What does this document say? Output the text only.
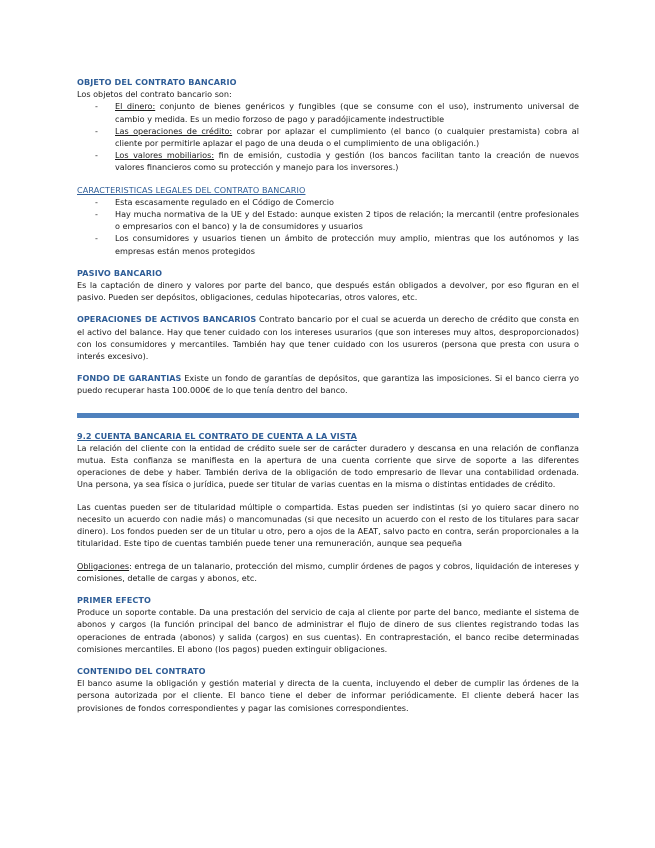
OBJETO DEL CONTRATO BANCARIO

Los objetos del contrato bancario son:

- El dinero: conjunto de bienes genéricos y fungibles (que se consume con el uso), instrumento universal de cambio y medida. Es un medio forzoso de pago y paradójicamente indestructible
- Las operaciones de crédito: cobrar por aplazar el cumplimiento (el banco (o cualquier prestamista) cobra al cliente por permitirle aplazar el pago de una deuda o el cumplimiento de una obligación.)
- Los valores mobiliarios: fin de emisión, custodia y gestión (los bancos facilitan tanto la creación de nuevos valores financieros como su protección y manejo para los inversores.)
CARACTERISTICAS LEGALES DEL CONTRATO BANCARIO
- Esta escasamente regulado en el Código de Comercio
- Hay mucha normativa de la UE y del Estado: aunque existen 2 tipos de relación; la mercantil (entre profesionales o empresarios con el banco) y la de consumidores y usuarios
- Los consumidores y usuarios tienen un ámbito de protección muy amplio, mientras que los autónomos y las empresas están menos protegidos
PASIVO BANCARIO

Es la captación de dinero y valores por parte del banco, que después están obligados a devolver, por eso figuran en el pasivo. Pueden ser depósitos, obligaciones, cedulas hipotecarias, otros valores, etc.

OPERACIONES DE ACTIVOS BANCARIOS Contrato bancario por el cual se acuerda un derecho de crédito que consta en el activo del balance. Hay que tener cuidado con los intereses usurarios (que son intereses muy altos, desproporcionados) con los consumidores y mercantiles. También hay que tener cuidado con los usureros (persona que presta con usura o interés excesivo).

FONDO DE GARANTIAS Existe un fondo de garantías de depósitos, que garantiza las imposiciones. Si el banco cierra yo puedo recuperar hasta 100.000€ de lo que tenía dentro del banco.

9.2 CUENTA BANCARIA EL CONTRATO DE CUENTA A LA VISTA

La relación del cliente con la entidad de crédito suele ser de carácter duradero y descansa en una relación de confianza mutua. Esta confianza se manifiesta en la apertura de una cuenta corriente que sirve de soporte a las diferentes operaciones de debe y haber. También deriva de la obligación de todo empresario de llevar una contabilidad ordenada. Una persona, ya sea física o jurídica, puede ser titular de varias cuentas en la misma o distintas entidades de crédito.

Las cuentas pueden ser de titularidad múltiple o compartida. Estas pueden ser indistintas (si yo quiero sacar dinero no necesito un acuerdo con nadie más) o mancomunadas (si que necesito un acuerdo con el resto de los titulares para sacar dinero). Los fondos pueden ser de un titular u otro, pero a ojos de la AEAT, salvo pacto en contra, serán proporcionales a la titularidad. Este tipo de cuentas también puede tener una remuneración, aunque sea pequeña

Obligaciones: entrega de un talanario, protección del mismo, cumplir órdenes de pagos y cobros, liquidación de intereses y comisiones, detalle de cargas y abonos, etc.

PRIMER EFECTO

Produce un soporte contable. Da una prestación del servicio de caja al cliente por parte del banco, mediante el sistema de abonos y cargos (la función principal del banco de administrar el flujo de dinero de sus clientes registrando todas las operaciones de entrada (abonos) y salida (cargos) en sus cuentas). En contraprestación, el banco recibe determinadas comisiones mercantiles. El abono (los pagos) pueden extinguir obligaciones.

CONTENIDO DEL CONTRATO

El banco asume la obligación y gestión material y directa de la cuenta, incluyendo el deber de cumplir las órdenes de la persona autorizada por el cliente. El banco tiene el deber de informar periódicamente. El cliente deberá hacer las provisiones de fondos correspondientes y pagar las comisiones correspondientes.
